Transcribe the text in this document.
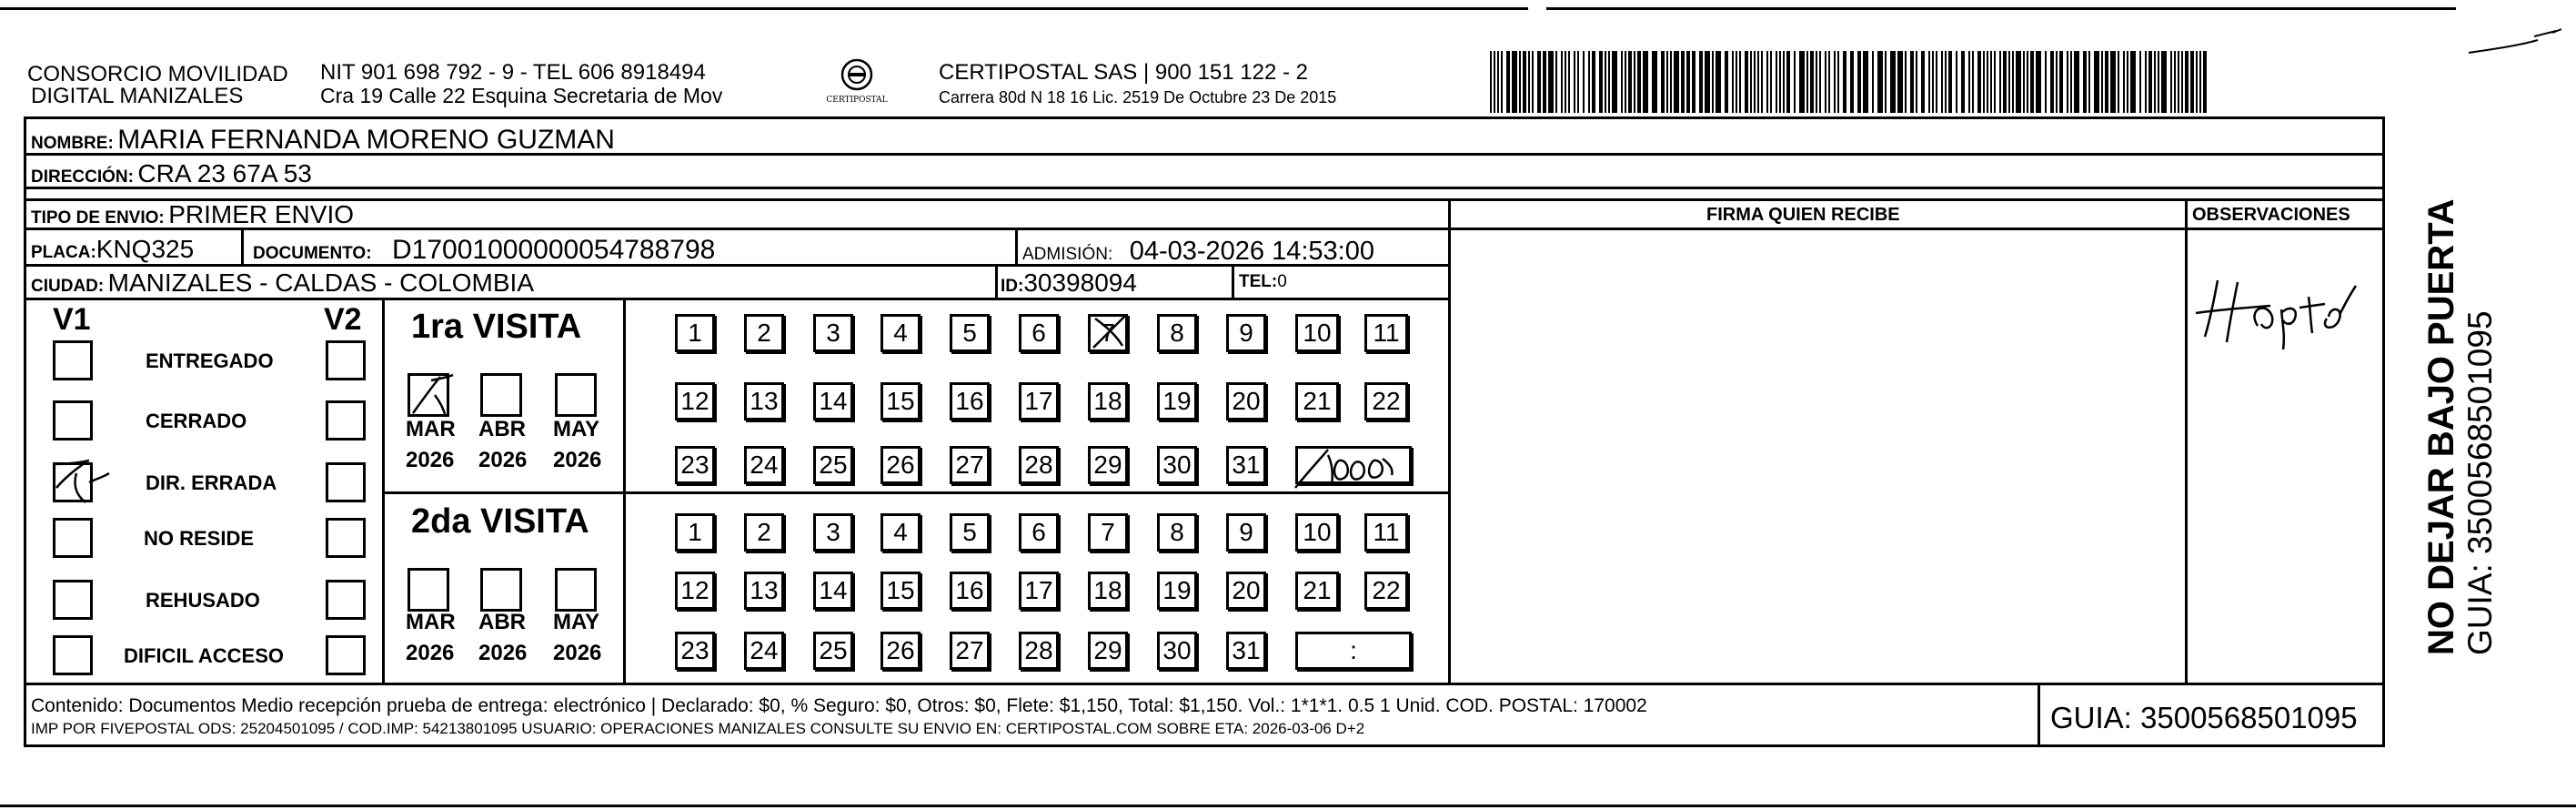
CONSORCIO MOVILIDAD
DIGITAL MANIZALES
NIT 901 698 792 - 9 - TEL 606 8918494
Cra 19 Calle 22 Esquina Secretaria de Mov	CERTIPOSTAL
CERTIPOSTAL SAS | 900 151 122 - 2
Carrera 80d N 18 16 Lic. 2519 De Octubre 23 De 2015
NOMBRE: MARIA FERNANDA MORENO GUZMAN
DIRECCIÓN: CRA 23 67A 53
TIPO DE ENVIO: PRIMER ENVIO	FIRMA QUIEN RECIBE	OBSERVACIONES
PLACA:KNQ325	DOCUMENTO: D17001000000054788798	ADMISIÓN: 04-03-2026 14:53:00
CIUDAD: MANIZALES - CALDAS - COLOMBIA	ID:30398094	TEL:0
V1	V2
ENTREGADO
CERRADO
DIR. ERRADA
NO RESIDE
REHUSADO
DIFICIL ACCESO
1ra VISITA
2da VISITA
MAR
2026
ABR
2026
MAY
2026
MAR
2026
ABR
2026
MAY
2026
1	2	3	4	5	6	7	8	9	10	11
12 13 14 15 16 17 18 19 20	21	22
23 24 25 26 27 28 29 30 31
1	2	3	4	5	6	7	8	9	10	11
12 13 14 15 16 17 18 19 20	21	22
23 24 25 26 27 28 29 30 31	:
Hapto
1030
Contenido: Documentos Medio recepción prueba de entrega: electrónico | Declarado: $0, % Seguro: $0, Otros: $0, Flete: $1,150, Total: $1,150. Vol.: 1*1*1. 0.5 1 Unid. COD. POSTAL: 170002
IMP POR FIVEPOSTAL ODS: 25204501095 / COD.IMP: 54213801095 USUARIO: OPERACIONES MANIZALES CONSULTE SU ENVIO EN: CERTIPOSTAL.COM SOBRE ETA: 2026-03-06 D+2	GUIA: 3500568501095
NO DEJAR BAJO PUERTA GUIA: 3500568501095
